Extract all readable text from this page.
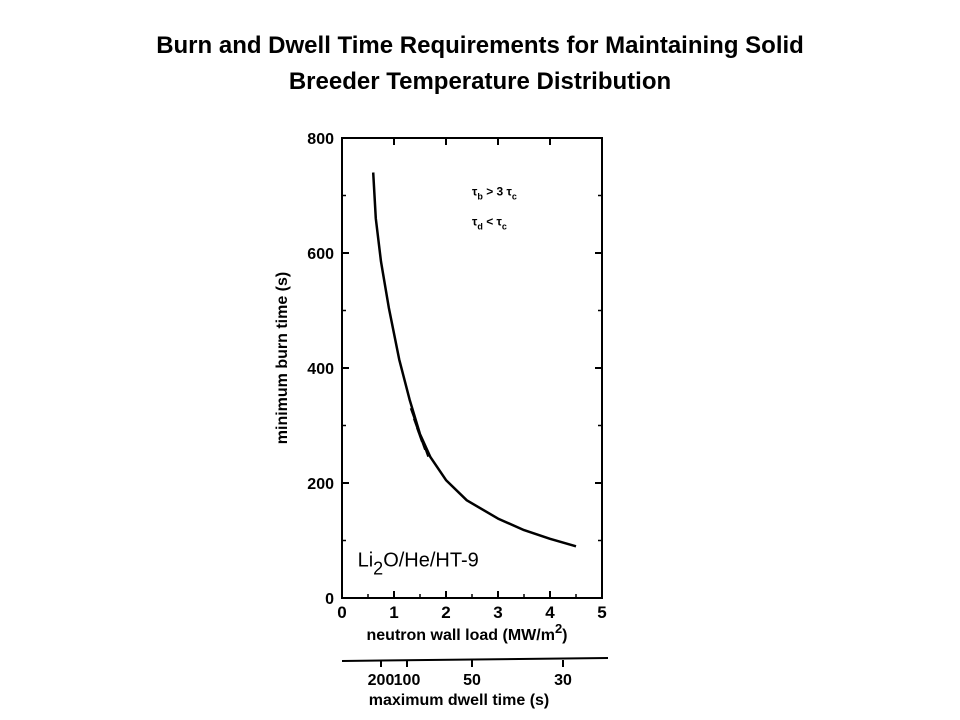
Burn and Dwell Time Requirements for Maintaining Solid
Breeder Temperature Distribution
0
200
400
600
800
0	1	2	3	4	5
neutron wall load $(MW/m^2)$
minimum burn time (s)
Li2O/He/HT-9
$\tau_b > 3$ $\tau_c$
$\tau_d < \tau_c$
200 100	50	30
maximum dwell time (s)
